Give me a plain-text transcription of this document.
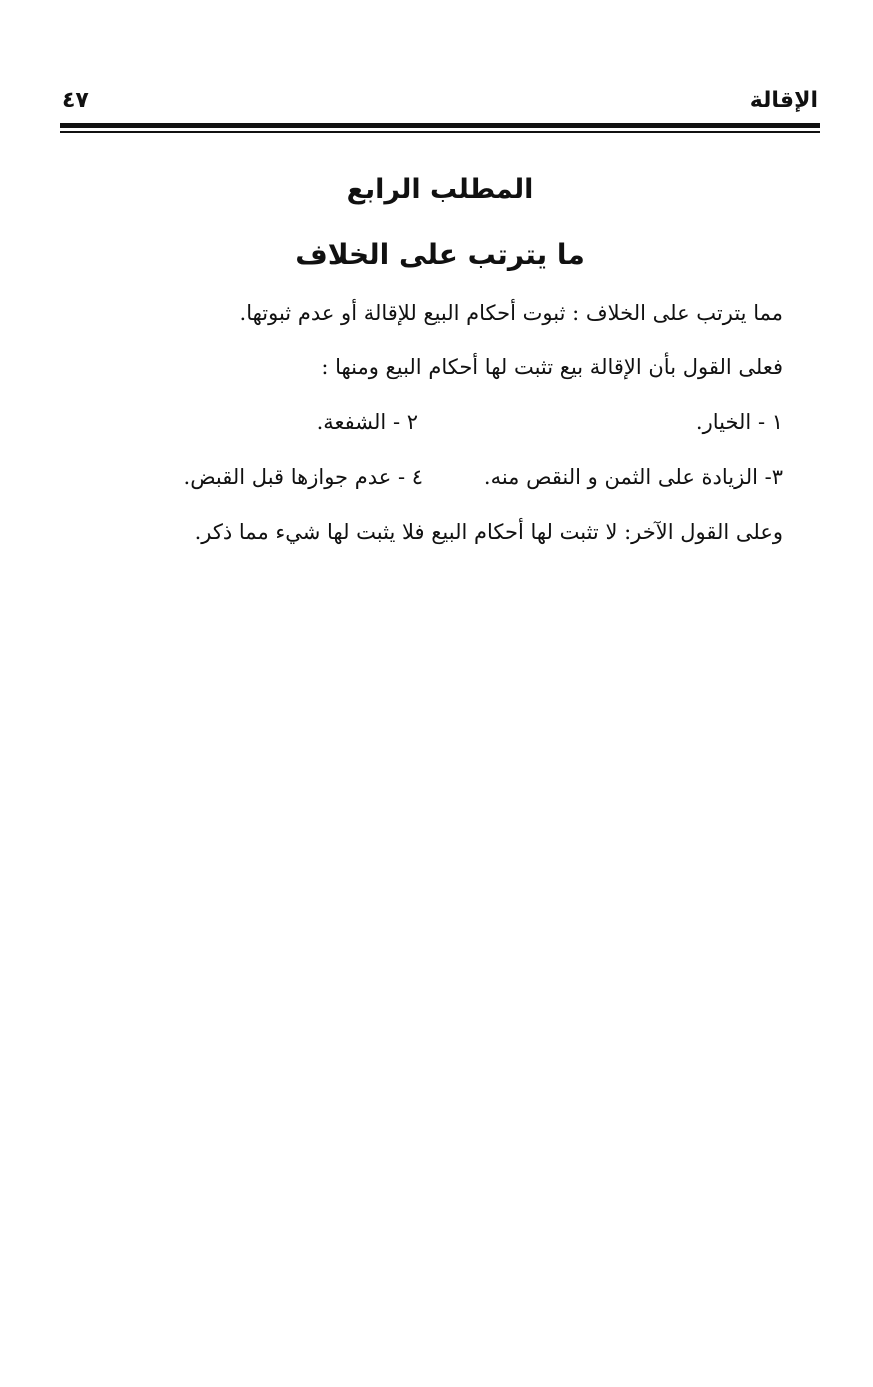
الإقالة
٤٧
المطلب الرابع
ما يترتب على الخلاف
مما يترتب على الخلاف : ثبوت أحكام البيع للإقالة أو عدم ثبوتها.
فعلى القول بأن الإقالة بيع تثبت لها أحكام البيع ومنها :
١ - الخيار.
٢ - الشفعة.
٣- الزيادة على الثمن و النقص منه.
٤ - عدم جوازها قبل القبض.
وعلى القول الآخر: لا تثبت لها أحكام البيع فلا يثبت لها شيء مما ذكر.
